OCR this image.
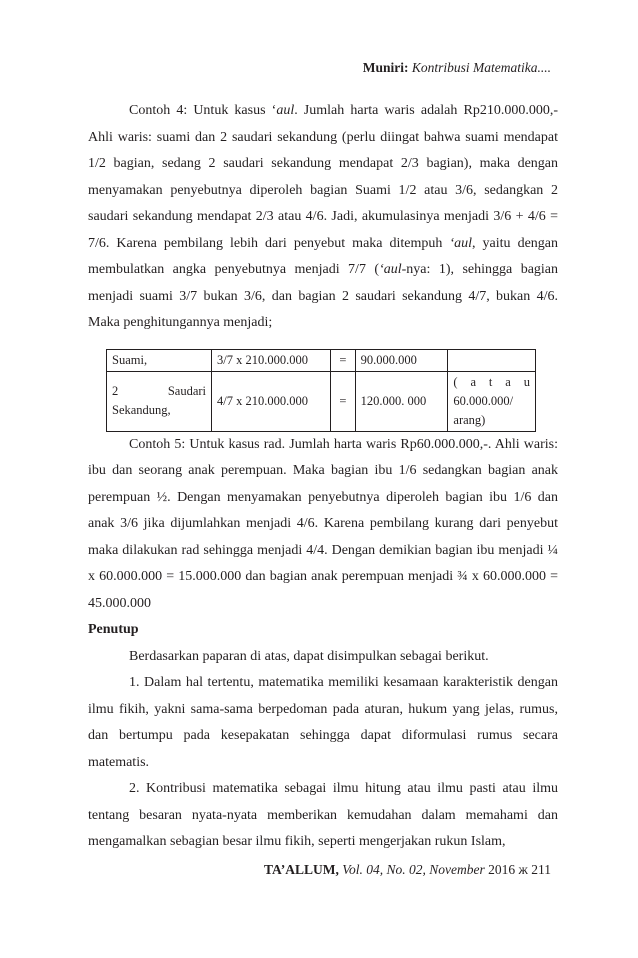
Muniri: Kontribusi Matematika....

Contoh 4: Untuk kasus ‘aul. Jumlah harta waris adalah Rp210.000.000,- Ahli waris: suami dan 2 saudari sekandung (perlu diingat bahwa suami mendapat 1/2 bagian, sedang 2 saudari sekandung mendapat 2/3 bagian), maka dengan menyamakan penyebutnya diperoleh bagian Suami 1/2 atau 3/6, sedangkan 2 saudari sekandung mendapat 2/3 atau 4/6. Jadi, akumulasinya menjadi 3/6 + 4/6 = 7/6. Karena pembilang lebih dari penyebut maka ditempuh ‘aul, yaitu dengan membulatkan angka penyebutnya menjadi 7/7 (‘aul-nya: 1), sehingga bagian menjadi suami 3/7 bukan 3/6, dan bagian 2 saudari sekandung 4/7, bukan 4/6. Maka penghitungannya menjadi;

Suami,	3/7 x 210.000.000	=	90.000.000	
2 Saudari Sekandung,	4/7 x 210.000.000	=	120.000. 000	( a t a u 60.000.000/ arang)

Contoh 5: Untuk kasus rad. Jumlah harta waris Rp60.000.000,-. Ahli waris: ibu dan seorang anak perempuan. Maka bagian ibu 1/6 sedangkan bagian anak perempuan ½. Dengan menyamakan penyebutnya diperoleh bagian ibu 1/6 dan anak 3/6 jika dijumlahkan menjadi 4/6. Karena pembilang kurang dari penyebut maka dilakukan rad sehingga menjadi 4/4. Dengan demikian bagian ibu menjadi ¼ x 60.000.000 = 15.000.000 dan bagian anak perempuan menjadi ¾ x 60.000.000 = 45.000.000

Penutup

Berdasarkan paparan di atas, dapat disimpulkan sebagai berikut.

1. Dalam hal tertentu, matematika memiliki kesamaan karakteristik dengan ilmu fikih, yakni sama-sama berpedoman pada aturan, hukum yang jelas, rumus, dan bertumpu pada kesepakatan sehingga dapat diformulasi rumus secara matematis.

2. Kontribusi matematika sebagai ilmu hitung atau ilmu pasti atau ilmu tentang besaran nyata-nyata memberikan kemudahan dalam memahami dan mengamalkan sebagian besar ilmu fikih, seperti mengerjakan rukun Islam,

TA’ALLUM, Vol. 04, No. 02, November 2016 ж 211
